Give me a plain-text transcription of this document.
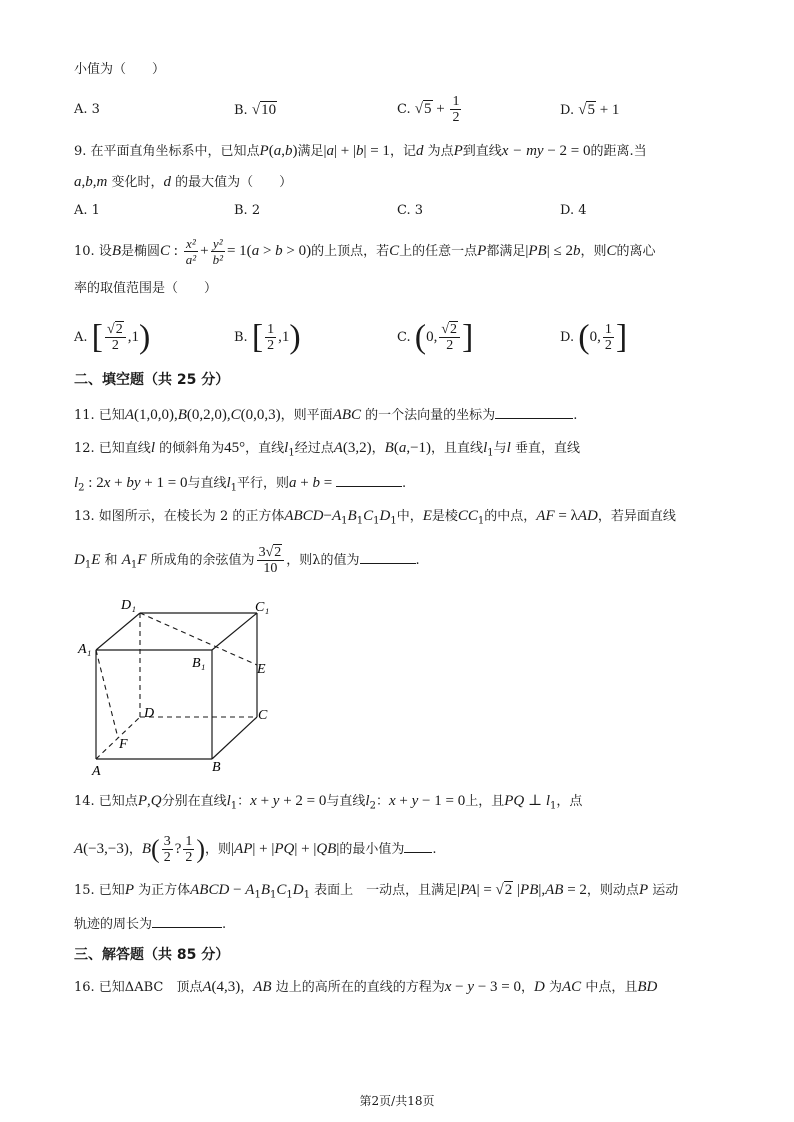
小值为（　　）
A. 3	B. √10	C. $√5 + \frac{1}{2}$	D. √5 + 1
9. 在平面直角坐标系中，已知点P(a,b)满足|a| + |b| = 1，记d 为点P到直线x − my − 2 = 0的距离.当
a,b,m 变化时，d 的最大值为（　　）
A. 1	B. 2	C. 3	D. 4
10. 设B是椭圆C : $\frac{\text{x²}}{\text{a²}} + \frac{\text{y²}}{\text{b²}} = 1(a > b > 0)$的上顶点，若C上的任意一点P都满足|PB| ≤ 2b，则C的离心
率的取值范围是（　　）
A. [ $\frac{√2}{2} ,1$)	B. [ $\frac{1}{2} ,1$)	C. (0, $\frac{√2}{2}$ ]	D. (0, $\frac{1}{2}$ ]
二、填空题（共 25 分）
11. 已知A(1,0,0),B(0,2,0),C(0,0,3)，则平面ABC 的一个法向量的坐标为	.
12. 已知直线l 的倾斜角为45°，直线$l_1$经过点A(3,2)，B(a,−1)，且直线$l_1$与l 垂直，直线
$l_2$ : 2x + by + 1 = 0与直线$l_1$平行，则a + b =	.
13. 如图所示，在棱长为 2 的正方体$ABCD-A_1B_1C_1D_1$中，E是棱$CC_1$的中点，AF = λAD，若异面直线
$D_1E$ 和 $A_1F$ 所成角的余弦值为 $\frac{3√2}{10}$ ，则λ的值为	.
D₁	C₁
A₁
B₁	E
D	C
F
A	B
14. 已知点P,Q分别在直线$l_1$：x + y + 2 = 0与直线$l_2$：x + y − 1 = 0上，且PQ ⊥ $l_1$，点
A(−3,−3)，$B( \frac{3}{2}$ ? $\frac{1}{2}$ )，则|AP| + |PQ| + |QB|的最小值为 .
15. 已知P 为正方体ABCD − $A_1B_1C_1D_1$ 表面上　一动点，且满足|PA| = √2 |PB|,AB = 2，则动点P 运动
轨迹的周长为	.
三、解答题（共 85 分）
16. 已知ΔABC　顶点A(4,3)，AB 边上的高所在的直线的方程为x − y − 3 = 0，D 为AC 中点，且BD
第2页/共18页
